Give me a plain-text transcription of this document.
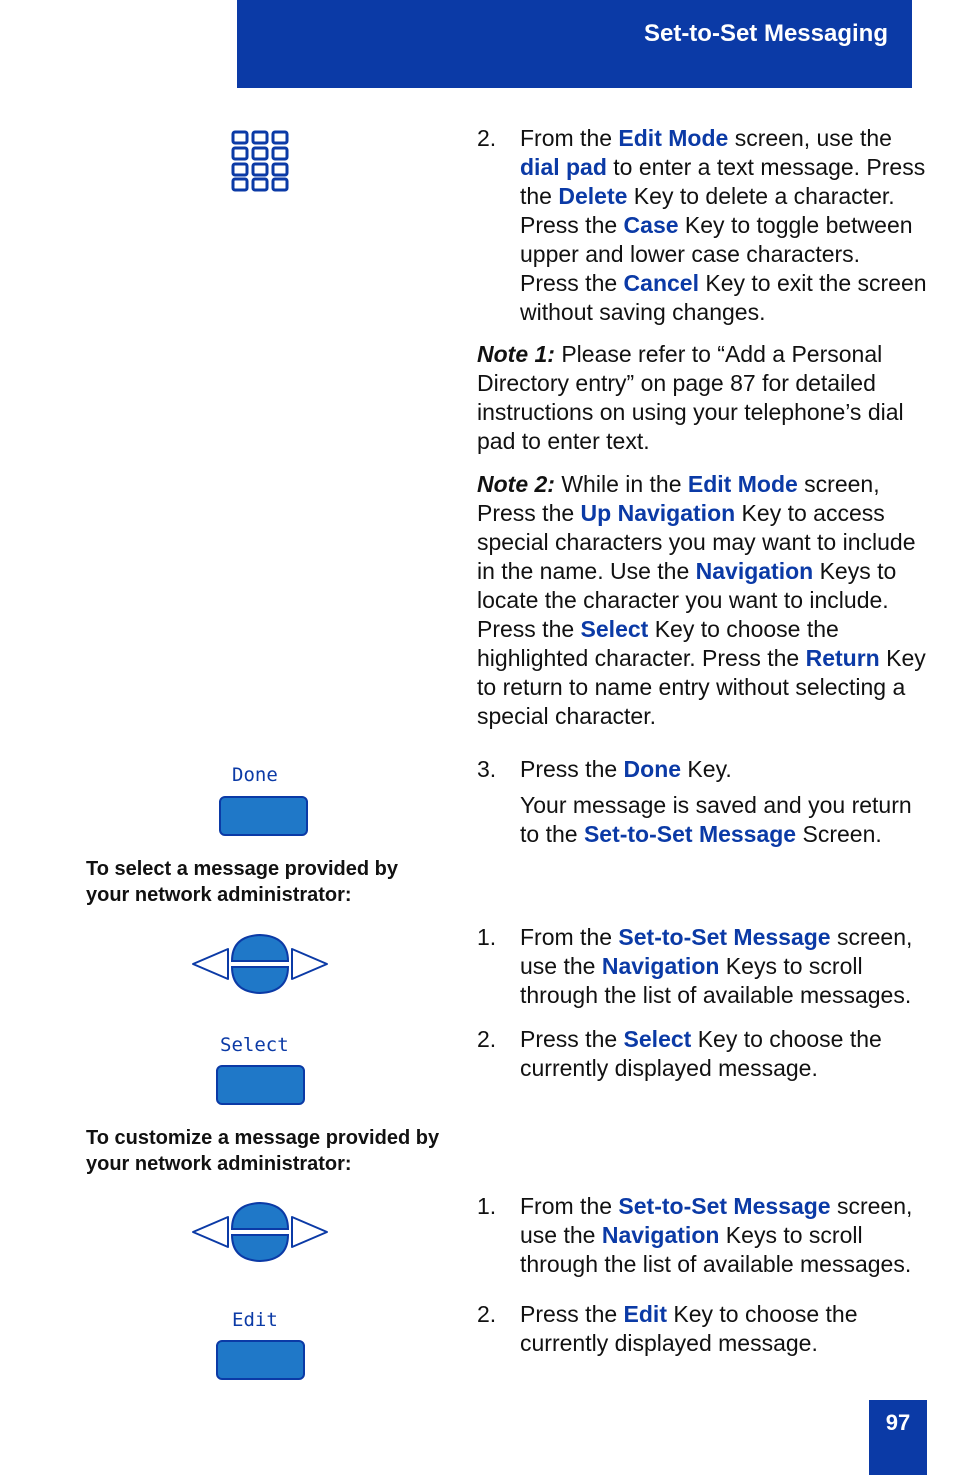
Set-to-Set Messaging
2. From the Edit Mode screen, use the
dial pad to enter a text message. Press
the Delete Key to delete a character.
Press the Case Key to toggle between
upper and lower case characters.
Press the Cancel Key to exit the screen
without saving changes.
Note 1: Please refer to “Add a Personal
Directory entry” on page 87 for detailed
instructions on using your telephone’s dial
pad to enter text.
Note 2: While in the Edit Mode screen,
Press the Up Navigation Key to access
special characters you may want to include
in the name. Use the Navigation Keys to
locate the character you want to include.
Press the Select Key to choose the
highlighted character. Press the Return Key
to return to name entry without selecting a
special character.
Done	3. Press the Done Key.
Your message is saved and you return
to the Set-to-Set Message Screen.
To select a message provided by your network administrator:
1. From the Set-to-Set Message screen,
use the Navigation Keys to scroll
through the list of available messages.
Select	2. Press the Select Key to choose the
currently displayed message.
To customize a message provided by your network administrator:
1. From the Set-to-Set Message screen,
use the Navigation Keys to scroll
through the list of available messages.
Edit	2. Press the Edit Key to choose the
currently displayed message.
97
